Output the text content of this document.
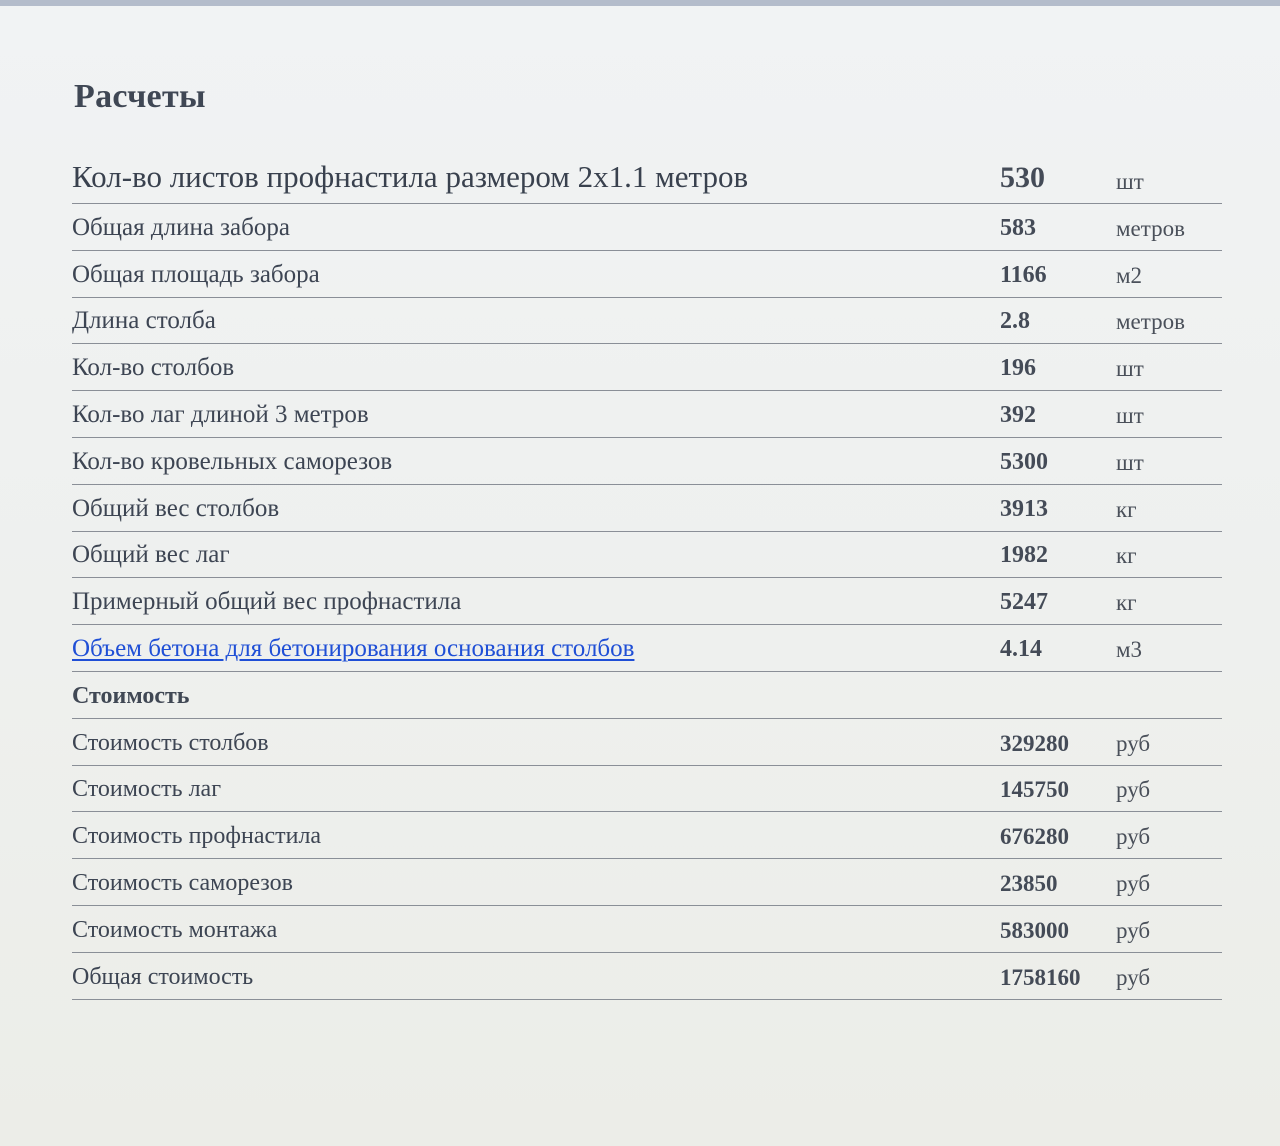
Расчеты
Кол-во листов профнастила размером 2х1.1 метров	530	шт
Общая длина забора	583	метров
Общая площадь забора	1166	м2
Длина столба	2.8	метров
Кол-во столбов	196	шт
Кол-во лаг длиной 3 метров	392	шт
Кол-во кровельных саморезов	5300	шт
Общий вес столбов	3913	кг
Общий вес лаг	1982	кг
Примерный общий вес профнастила	5247	кг
Объем бетона для бетонирования основания столбов	4.14	м3
Стоимость
Стоимость столбов	329280	руб
Стоимость лаг	145750	руб
Стоимость профнастила	676280	руб
Стоимость саморезов	23850	руб
Стоимость монтажа	583000	руб
Общая стоимость	1758160	руб
